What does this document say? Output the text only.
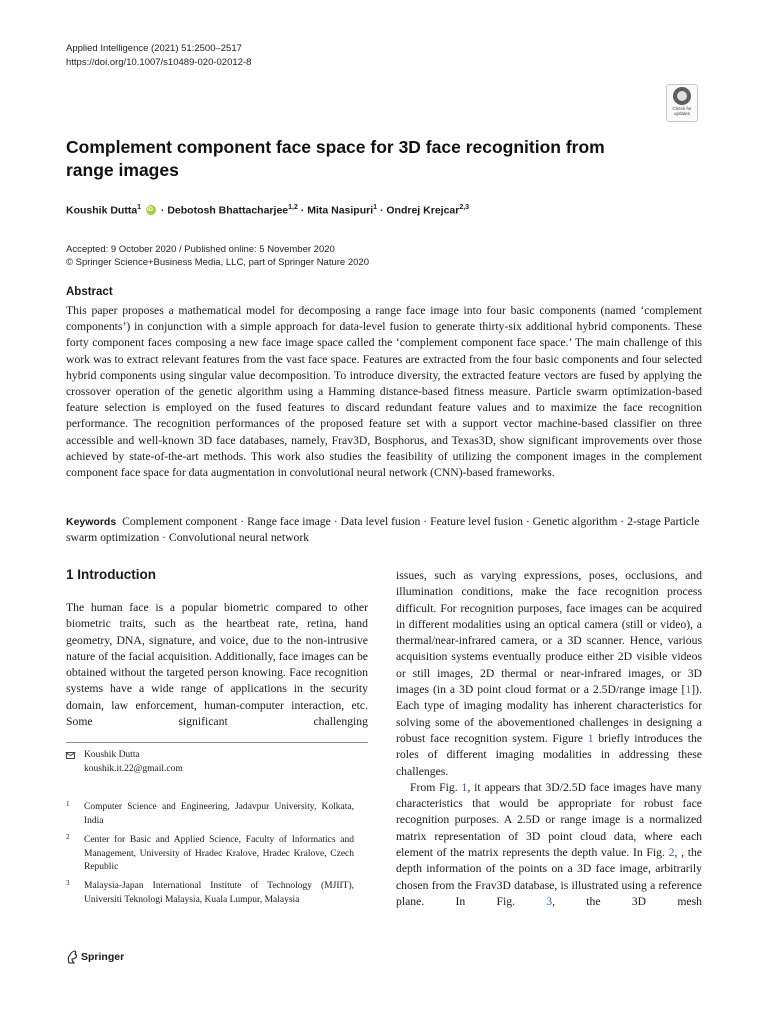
Applied Intelligence (2021) 51:2500–2517
https://doi.org/10.1007/s10489-020-02012-8
Check for updates
Complement component face space for 3D face recognition from range images
Koushik Dutta$^1$ iD · Debotosh Bhattacharjee$^{1,2}$ · Mita Nasipuri$^1$ · Ondrej Krejcar$^{2,3}$
Accepted: 9 October 2020 / Published online: 5 November 2020
© Springer Science+Business Media, LLC, part of Springer Nature 2020
Abstract
This paper proposes a mathematical model for decomposing a range face image into four basic components (named ‘complement components’) in conjunction with a simple approach for data-level fusion to generate thirty-six additional hybrid components. These forty component faces composing a new face image space called the ‘complement component face space.’ The main challenge of this work was to extract relevant features from the vast face space. Features are extracted from the four basic components and four selected hybrid components using singular value decomposition. To introduce diversity, the extracted feature vectors are fused by applying the crossover operation of the genetic algorithm using a Hamming distance-based fitness measure. Particle swarm optimization-based feature selection is employed on the fused features to discard redundant feature values and to maximize the face recognition performance. The recognition performances of the proposed feature set with a support vector machine-based classifier on three accessible and well-known 3D face databases, namely, Frav3D, Bosphorus, and Texas3D, show significant improvements over those achieved by state-of-the-art methods. This work also studies the feasibility of utilizing the component images in the complement component face space for data augmentation in convolutional neural network (CNN)-based frameworks.
Keywords Complement component · Range face image · Data level fusion · Feature level fusion · Genetic algorithm · 2-stage Particle swarm optimization · Convolutional neural network
1 Introduction
The human face is a popular biometric compared to other biometric traits, such as the heartbeat rate, retina, hand geometry, DNA, signature, and voice, due to the non-intrusive nature of the facial acquisition. Additionally, face images can be obtained without the targeted person knowing. Face recognition systems have a wide range of applications in the security domain, law enforcement, human-computer interaction, etc. Some significant challenging
issues, such as varying expressions, poses, occlusions, and illumination conditions, make the face recognition process difficult. For recognition purposes, face images can be acquired in different modalities using an optical camera (still or video), a thermal/near-infrared camera, or a 3D scanner. Hence, various acquisition systems eventually produce either 2D visible videos or still images, 2D thermal or near-infrared images, or 3D images (in a 3D point cloud format or a 2.5D/range image [1]). Each type of imaging modality has inherent characteristics for solving some of the abovementioned challenges in designing a robust face recognition system. Figure 1 briefly introduces the roles of different imaging modalities in addressing these challenges.
From Fig. 1, it appears that 3D/2.5D face images have many characteristics that would be appropriate for robust face recognition purposes. A 2.5D or range image is a normalized matrix representation of 3D point cloud data, where each element of the matrix represents the depth value. In Fig. 2, , the depth information of the points on a 3D face image, arbitrarily chosen from the Frav3D database, is illustrated using a reference plane. In Fig. 3, the 3D mesh
Koushik Dutta
koushik.it.22@gmail.com
1 Computer Science and Engineering, Jadavpur University, Kolkata, India
2 Center for Basic and Applied Science, Faculty of Informatics and Management, University of Hradec Kralove, Hradec Kralove, Czech Republic
3 Malaysia-Japan International Institute of Technology (MJIIT), Universiti Teknologi Malaysia, Kuala Lumpur, Malaysia
Springer
